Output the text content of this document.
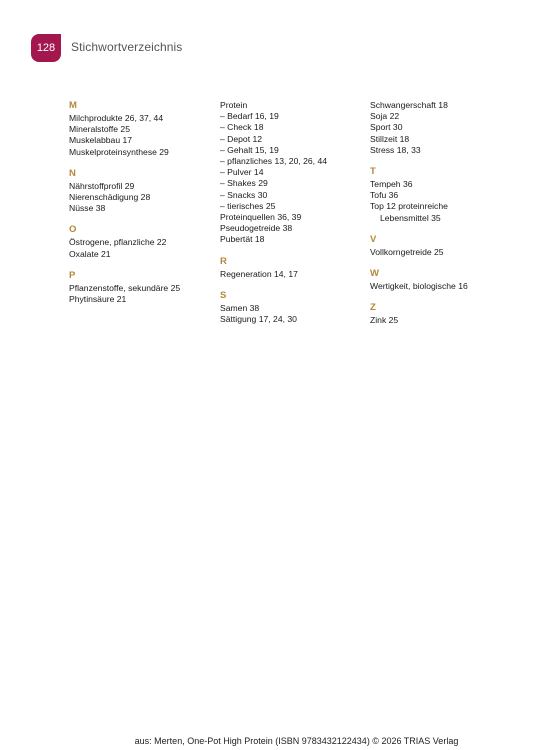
128 Stichwortverzeichnis
M
Milchprodukte 26, 37, 44
Mineralstoffe 25
Muskelabbau 17
Muskelproteinsynthese 29
N
Nährstoffprofil 29
Nierenschädigung 28
Nüsse 38
O
Östrogene, pflanzliche 22
Oxalate 21
P
Pflanzenstoffe, sekundäre 25
Phytinsäure 21
Protein
– Bedarf 16, 19
– Check 18
– Depot 12
– Gehalt 15, 19
– pflanzliches 13, 20, 26, 44
– Pulver 14
– Shakes 29
– Snacks 30
– tierisches 25
Proteinquellen 36, 39
Pseudogetreide 38
Pubertät 18
R
Regeneration 14, 17
S
Samen 38
Sättigung 17, 24, 30
Schwangerschaft 18
Soja 22
Sport 30
Stillzeit 18
Stress 18, 33
T
Tempeh 36
Tofu 36
Top 12 proteinreiche
Lebensmittel 35
V
Vollkorngetreide 25
W
Wertigkeit, biologische 16
Z
Zink 25
aus: Merten, One-Pot High Protein (ISBN 9783432122434) © 2026 TRIAS Verlag
